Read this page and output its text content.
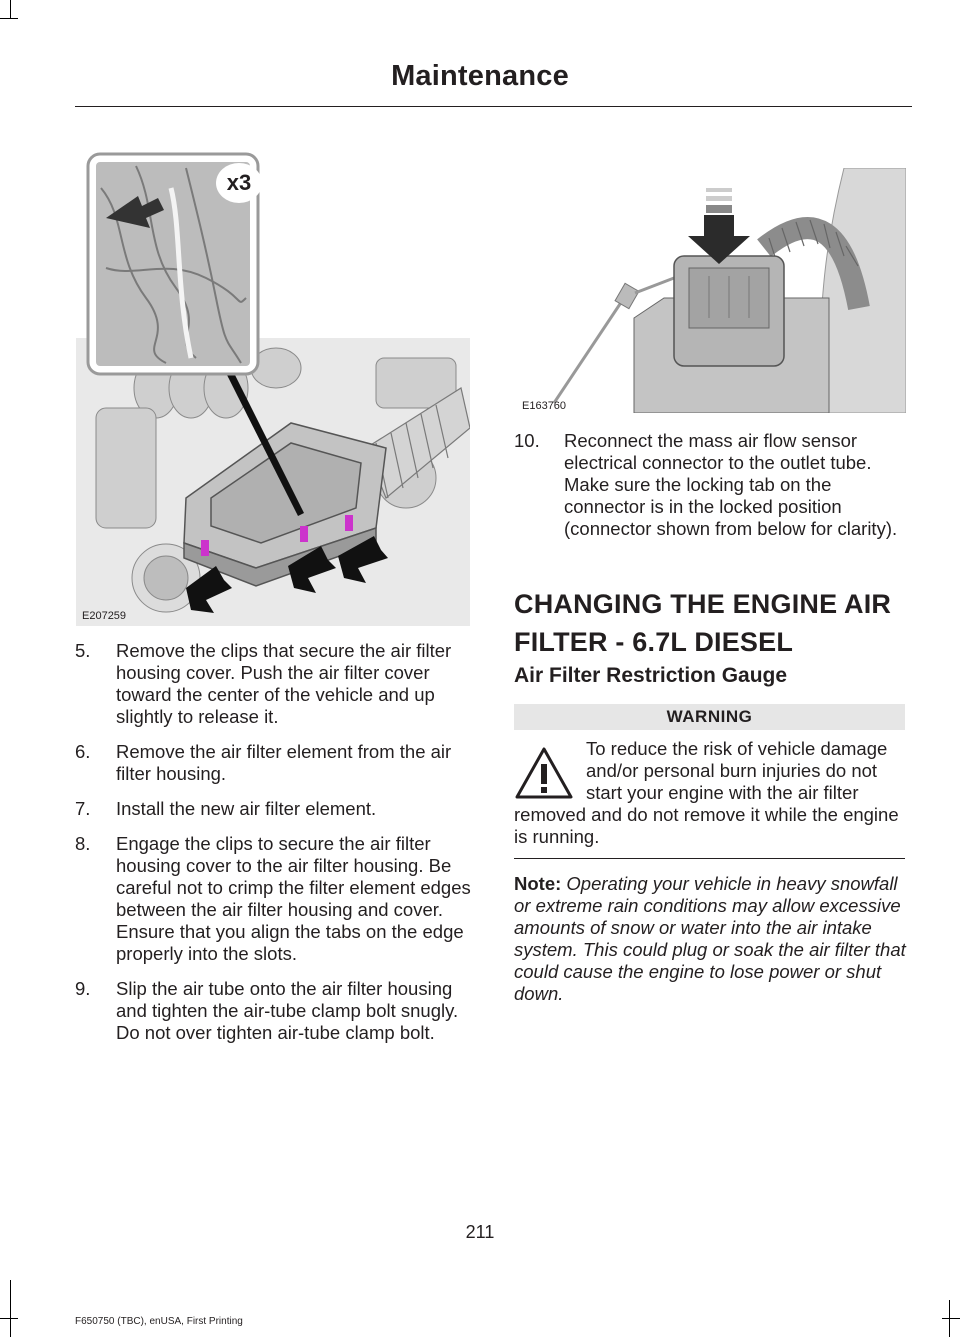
Maintenance
x3
E207259
E163760
5. Remove the clips that secure the air filter housing cover. Push the air filter cover toward the center of the vehicle and up slightly to release it.
6. Remove the air filter element from the air filter housing.
7. Install the new air filter element.
8. Engage the clips to secure the air filter housing cover to the air filter housing. Be careful not to crimp the filter element edges between the air filter housing and cover. Ensure that you align the tabs on the edge properly into the slots.
9. Slip the air tube onto the air filter housing and tighten the air-tube clamp bolt snugly. Do not over tighten air-tube clamp bolt.
10. Reconnect the mass air flow sensor electrical connector to the outlet tube. Make sure the locking tab on the connector is in the locked position (connector shown from below for clarity).
CHANGING THE ENGINE AIR
FILTER - 6.7L DIESEL
Air Filter Restriction Gauge
WARNING
To reduce the risk of vehicle damage and/or personal burn injuries do not start your engine with the air filter removed and do not remove it while the engine is running.
Note: Operating your vehicle in heavy snowfall or extreme rain conditions may allow excessive amounts of snow or water into the air intake system. This could plug or soak the air filter that could cause the engine to lose power or shut down.
211
F650750 (TBC), enUSA, First Printing
